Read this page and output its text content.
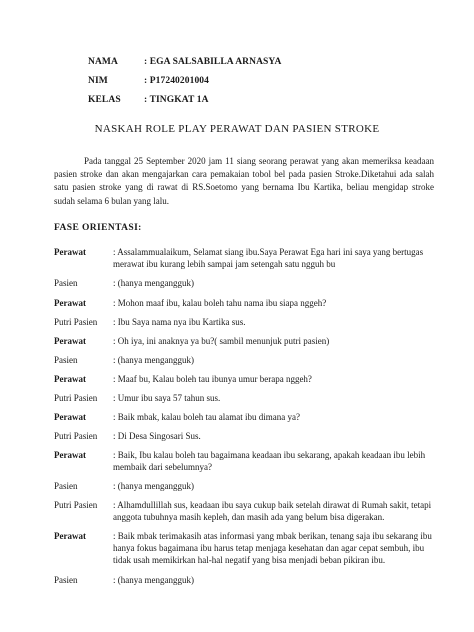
NAMA	: EGA SALSABILLA ARNASYA
NIM	: P17240201004
KELAS	: TINGKAT 1A
NASKAH ROLE PLAY PERAWAT DAN PASIEN STROKE
Pada tanggal 25 September 2020 jam 11 siang seorang perawat yang akan memeriksa keadaan pasien stroke dan akan mengajarkan cara pemakaian tobol bel pada pasien Stroke.Diketahui ada salah satu pasien stroke yang di rawat di RS.Soetomo yang bernama Ibu Kartika, beliau mengidap stroke sudah selama 6 bulan yang lalu.
FASE ORIENTASI:
Perawat	: Assalammualaikum, Selamat siang ibu.Saya Perawat Ega hari ini saya yang bertugas merawat ibu kurang lebih sampai jam setengah satu ngguh bu
Pasien	: (hanya mengangguk)
Perawat	: Mohon maaf ibu, kalau boleh tahu nama ibu siapa nggeh?
Putri Pasien	: Ibu Saya nama nya ibu Kartika sus.
Perawat	: Oh iya, ini anaknya ya bu?( sambil menunjuk putri pasien)
Pasien	: (hanya mengangguk)
Perawat	: Maaf bu, Kalau boleh tau ibunya umur berapa nggeh?
Putri Pasien	: Umur ibu saya 57 tahun sus.
Perawat	: Baik mbak, kalau boleh tau alamat ibu dimana ya?
Putri Pasien	: Di Desa Singosari Sus.
Perawat	: Baik, Ibu kalau boleh tau bagaimana keadaan ibu sekarang, apakah keadaan ibu lebih membaik dari sebelumnya?
Pasien	: (hanya mengangguk)
Putri Pasien	: Alhamdullillah sus, keadaan ibu saya cukup baik setelah dirawat di Rumah sakit, tetapi anggota tubuhnya masih kepleh, dan masih ada yang belum bisa digerakan.
Perawat	: Baik mbak terimakasih atas informasi yang mbak berikan, tenang saja ibu sekarang ibu hanya fokus bagaimana ibu harus tetap menjaga kesehatan dan agar cepat sembuh, ibu tidak usah memikirkan hal-hal negatif yang bisa menjadi beban pikiran ibu.
Pasien	: (hanya mengangguk)
